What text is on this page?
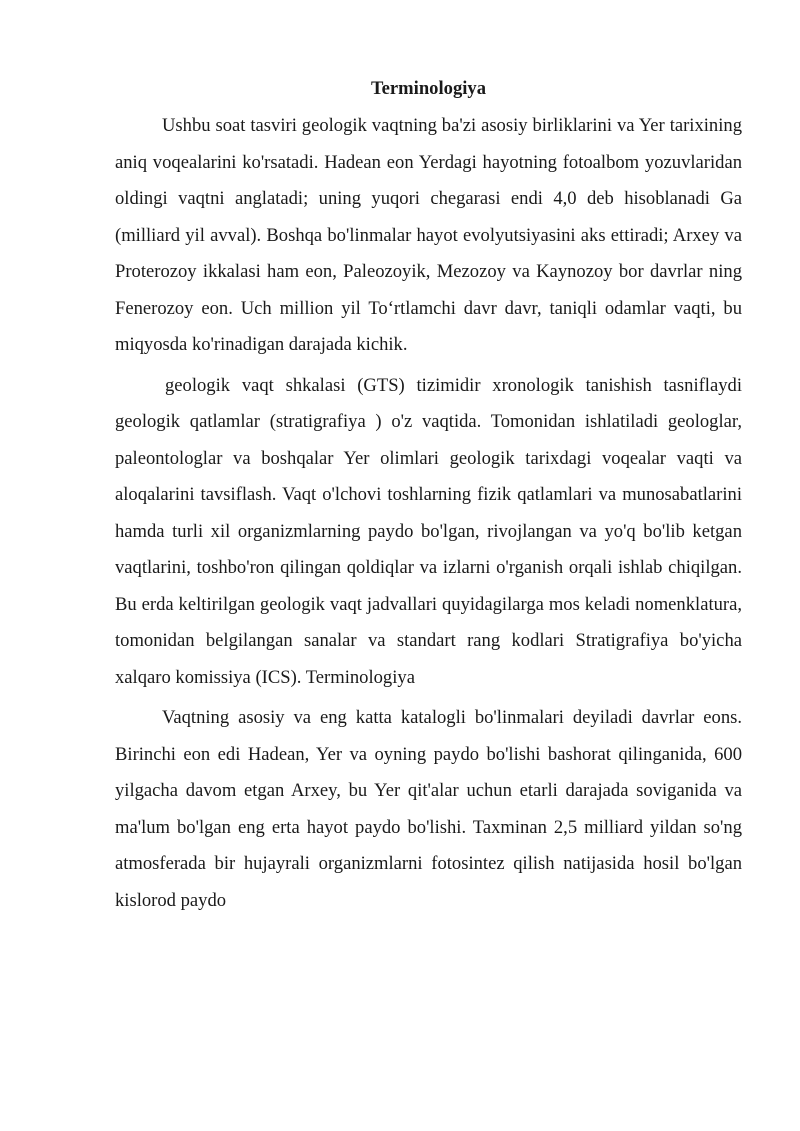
Terminologiya

Ushbu soat tasviri geologik vaqtning ba'zi asosiy birliklarini va Yer tarixining aniq voqealarini ko'rsatadi. Hadean eon Yerdagi hayotning fotoalbom yozuvlaridan oldingi vaqtni anglatadi; uning yuqori chegarasi endi 4,0 deb hisoblanadi Ga (milliard yil avval). Boshqa bo'linmalar hayot evolyutsiyasini aks ettiradi; Arxey va Proterozoy ikkalasi ham eon, Paleozoyik, Mezozoy va Kaynozoy bor davrlar ning Fenerozoy eon. Uch million yil To‘rtlamchi davr davr, taniqli odamlar vaqti, bu miqyosda ko'rinadigan darajada kichik.

geologik vaqt shkalasi (GTS) tizimidir xronologik tanishish tasniflaydi geologik qatlamlar (stratigrafiya ) o'z vaqtida. Tomonidan ishlatiladi geologlar, paleontologlar va boshqalar Yer olimlari geologik tarixdagi voqealar vaqti va aloqalarini tavsiflash. Vaqt o'lchovi toshlarning fizik qatlamlari va munosabatlarini hamda turli xil organizmlarning paydo bo'lgan, rivojlangan va yo'q bo'lib ketgan vaqtlarini, toshbo'ron qilingan qoldiqlar va izlarni o'rganish orqali ishlab chiqilgan. Bu erda keltirilgan geologik vaqt jadvallari quyidagilarga mos keladi nomenklatura, tomonidan belgilangan sanalar va standart rang kodlari Stratigrafiya bo'yicha xalqaro komissiya (ICS). Terminologiya

Vaqtning asosiy va eng katta katalogli bo'linmalari deyiladi davrlar eons. Birinchi eon edi Hadean, Yer va oyning paydo bo'lishi bashorat qilinganida, 600 yilgacha davom etgan Arxey, bu Yer qit'alar uchun etarli darajada soviganida va ma'lum bo'lgan eng erta hayot paydo bo'lishi. Taxminan 2,5 milliard yildan so'ng atmosferada bir hujayrali organizmlarni fotosintez qilish natijasida hosil bo'lgan kislorod paydo
